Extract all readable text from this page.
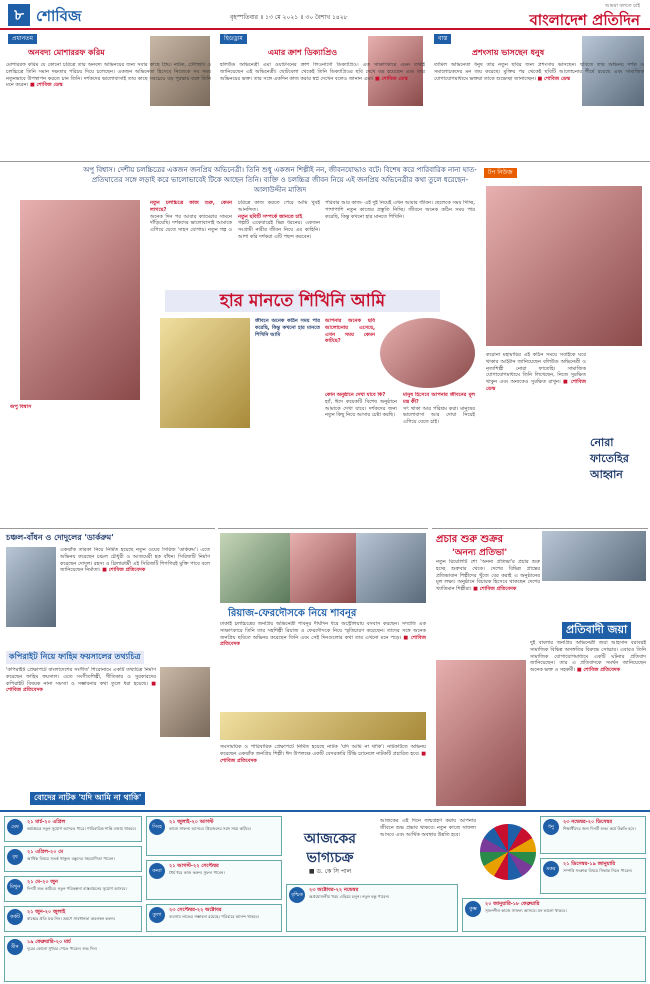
৮ শোবিজ	বৃহস্পতিবার ॥ ১৩ মে ২০২১ ॥ ৩০ বৈশাখ ১৪২৮
আমরা বলতে চাই
বাংলাদেশ প্রতিদিন
প্রধানতম
অনবদ্য মোশাররফ করিম
মোশাররফ করিম যে কোনো চরিত্রে তার অনবদ্য অভিনয়ের জন্য সবার কাছে প্রিয়। নাটক, টেলিছবি ও চলচ্চিত্রে তিনি সমান দক্ষতার পরিচয় দিয়ে চলেছেন। একজন অভিনেতা হিসেবে নিজেকে সব সময় নতুনভাবে উপস্থাপন করতে চান তিনি। দর্শকদের ভালোবাসাই তার কাছে সবচেয়ে বড় পুরস্কার বলে তিনি মনে করেন। ■ শোবিজ ডেস্ক
হিডড্রাম
এমার ক্রাশ ডিক্যাপ্রিও
হলিউড অভিনেত্রী এমা ওয়াটসনের ক্রাশ লিওনার্দো ডিক্যাপ্রিও। এক সাক্ষাৎকারে এমন তথ্যই জানিয়েছেন এই অভিনেত্রী। ছোটবেলা থেকেই তিনি ডিক্যাপ্রিওর ছবি দেখে বড় হয়েছেন এবং তার অভিনয়ের ভক্ত। তার সঙ্গে একদিন কাজ করার স্বপ্ন দেখেন বলেও জানান এমা। ■ শোবিজ ডেস্ক
বাস্ত
প্রশংসায় ভাসছেন ধনুষ
তামিল অভিনেতা ধনুষ তার নতুন ছবির জন্য প্রশংসায় ভাসছেন। ছবিতে তার অভিনয় দর্শক ও সমালোচকদের মন জয় করেছে। মুক্তির পর থেকেই ছবিটি আলোচনার শীর্ষে রয়েছে এবং সামাজিক যোগাযোগমাধ্যমে ভক্তরা তাকে শুভেচ্ছা জানাচ্ছেন। ■ শোবিজ ডেস্ক
অপু বিশ্বাস। দেশীয় চলচ্চিত্রের একজন জনপ্রিয় অভিনেত্রী। তিনি শুধু একজন শিল্পীই নন, জীবনযোদ্ধাও বটে। বিশেষ করে পারিবারিক নানা ঘাত-প্রতিঘাতের সঙ্গে লড়াই করে ভালোভাবেই টিকে আছেন তিনি। ব্যক্তি ও চলচ্চিত্র জীবন নিয়ে এই জনপ্রিয় অভিনেত্রীর কথা তুলে ধরেছেন- আলাউদ্দীন মাজিদ
অপু বিশ্বাস

নতুন চলচ্চিত্রে কাজ শুরু, কেমন লাগছে?

অনেক দিন পর আবার ক্যামেরার সামনে দাঁড়িয়েছি। দর্শকদের ভালোবাসাই আমাকে এগিয়ে যেতে সাহস যোগায়। নতুন গল্প ও চরিত্রে কাজ করতে পেরে আমি খুবই আনন্দিত।

নতুন ছবিটি সম্পর্কে জানতে চাই

গল্পটি একেবারেই ভিন্ন ধরনের। একজন সংগ্রামী নারীর জীবন নিয়ে এর কাহিনি। আশা করি দর্শকরা এটি পছন্দ করবেন।

পরিবার আর কাজ- এই দুই নিয়েই এখন আমার জীবন। ছেলেকে সময় দিচ্ছি, পাশাপাশি নতুন কাজের প্রস্তুতি নিচ্ছি। জীবনে অনেক কঠিন সময় পার করেছি, কিন্তু কখনো হার মানতে শিখিনি।

হার মানতে শিখিনি আমি
জীবনে অনেক কঠিন সময় পার করেছি, কিন্তু কখনো হার মানতে শিখিনি আমি

আপনার অনেক ছবি আলোচনায় এসেছে, এখন সময় কেমন কাটছে?

কোন অনুষ্ঠানে দেখা যাবে কি?

হ্যাঁ, ঈদে কয়েকটি বিশেষ অনুষ্ঠানে আমাকে দেখা যাবে। দর্শকদের জন্য নতুন কিছু নিয়ে আসার চেষ্টা করছি।

মানুষ হিসেবে আপনার জীবনের মূল মন্ত্র কী?

সৎ থাকা আর পরিশ্রম করা। মানুষের ভালোবাসা আর দোয়া নিয়েই এগিয়ে যেতে চাই।

টপ নিউজ
করোনা মহামারির এই কঠিন সময়ে সবাইকে ঘরে থাকার আহ্বান জানিয়েছেন বলিউড অভিনেত্রী ও নৃত্যশিল্পী নোরা ফাতেহি। সামাজিক যোগাযোগমাধ্যমে তিনি লিখেছেন, নিজে সুরক্ষিত থাকুন এবং অন্যকেও সুরক্ষিত রাখুন। ■ শোবিজ ডেস্ক
নোরা
ফাতেহির
আহ্বান
চঞ্চল-বাঁধন ও দোদুলের 'ডার্করুম'
একঝাঁক তারকা নিয়ে নির্মিত হয়েছে নতুন ওয়েব সিরিজ 'ডার্করুম'। এতে অভিনয় করেছেন চঞ্চল চৌধুরী ও আজমেরী হক বাঁধন। সিরিজটি নির্মাণ করেছেন দোদুল। রহস্য ও থ্রিলারধর্মী এই সিরিজটি শিগগিরই মুক্তি পাবে বলে জানিয়েছেন নির্মাতা। ■ শোবিজ প্রতিবেদক
কপিরাইট নিয়ে ফাহিম ফয়সালের তথ্যচিত্র
'কপিরাইট প্রেক্ষাপটে বাংলাদেশের সংগীত' শিরোনামে একটি তথ্যচিত্র নির্মাণ করেছেন ফাহিম ফয়সাল। এতে সংগীতশিল্পী, গীতিকার ও সুরকারদের কপিরাইট বিষয়ক নানা সমস্যা ও সম্ভাবনার কথা তুলে ধরা হয়েছে। ■ শোবিজ প্রতিবেদক
রিয়াজ-ফেরদৌসকে নিয়ে শাবনূর
ঢাকাই চলচ্চিত্রের জনপ্রিয় অভিনেত্রী শাবনূর দীর্ঘদিন ধরে অস্ট্রেলিয়ায় বসবাস করছেন। সম্প্রতি এক সাক্ষাৎকারে তিনি তার সহশিল্পী রিয়াজ ও ফেরদৌসকে নিয়ে স্মৃতিচারণ করেছেন। তাদের সঙ্গে অনেক জনপ্রিয় ছবিতে অভিনয় করেছেন তিনি এবং সেই দিনগুলোর কথা তার এখনো মনে পড়ে। ■ শোবিজ প্রতিবেদক
সমসাময়িক ও পারিবারিক প্রেক্ষাপটে নির্মিত হয়েছে নাটক 'যদি আমি না থাকি'। নাটকটিতে অভিনয় করেছেন একঝাঁক জনপ্রিয় শিল্পী। ঈদ উপলক্ষে একটি বেসরকারি টিভি চ্যানেলে নাটকটি প্রচারিত হবে। ■ শোবিজ প্রতিবেদক
বোদের নাটক 'যদি আমি না থাকি'
প্রচার শুরু শুক্রর
'অনন্য প্রতিভা'
নতুন রিয়েলিটি শো 'অনন্য প্রতিভা'র প্রচার শুরু হচ্ছে শুক্রবার থেকে। দেশের বিভিন্ন প্রান্তের প্রতিভাবান শিল্পীদের খুঁজে বের করাই এ অনুষ্ঠানের মূল লক্ষ্য। অনুষ্ঠানে বিচারক হিসেবে থাকছেন দেশের খ্যাতিমান শিল্পীরা। ■ শোবিজ প্রতিবেদক
প্রতিবাদী জয়া
দুই বাংলার জনপ্রিয় অভিনেত্রী জয়া আহসান বরাবরই সামাজিক বিভিন্ন অসঙ্গতির বিরুদ্ধে সোচ্চার। এবারও তিনি সামাজিক যোগাযোগমাধ্যমে একটি ঘটনার প্রতিবাদ জানিয়েছেন। তার এ প্রতিবাদকে সমর্থন জানিয়েছেন অনেক ভক্ত ও সহকর্মী। ■ শোবিজ প্রতিবেদক
আজকের ভাগ্যচক্র
■ ড. কে সি পাল
আজকের এই দিনে জন্মগ্রহণ করায় আপনার জীবনে শুভ প্রভাব থাকবে। নতুন কাজে সাফল্য আসবে এবং আর্থিক অবস্থার উন্নতি হবে।
মেষ
২১ মার্চ-২০ এপ্রিল
কর্মক্ষেত্রে নতুন সুযোগ আসতে পারে। পারিবারিক শান্তি বজায় থাকবে।
বৃষ
২১ এপ্রিল-২০ মে
আর্থিক বিষয়ে সতর্ক থাকুন। বন্ধুদের সহযোগিতা পাবেন।
মিথুন
২১ মে-২০ জুন
দিনটি শুভ কাটবে। নতুন পরিকল্পনা বাস্তবায়নের সুযোগ আসবে।
কর্কট
২১ জুন-২০ জুলাই
স্বাস্থ্যের প্রতি যত্ন নিন। ভ্রমণে সাবধানতা অবলম্বন করুন।
সিংহ
২১ জুলাই-২০ আগস্ট
কাজে সাফল্য আসবে। প্রিয়জনের সঙ্গে সময় কাটবে।
কন্যা
২১ আগস্ট-২২ সেপ্টেম্বর
ধৈর্য ধরে কাজ করুন। সুফল পাবেন।
তুলা
২৩ সেপ্টেম্বর-২২ অক্টোবর
ব্যবসায় লাভের সম্ভাবনা রয়েছে। পরিবারে আনন্দ থাকবে।
বৃশ্চিক
২৩ অক্টোবর-২২ নভেম্বর
অপ্রয়োজনীয় খরচ এড়িয়ে চলুন। নতুন বন্ধু পাবেন।
ধনু
২৩ নভেম্বর-২০ ডিসেম্বর
শিক্ষার্থীদের জন্য দিনটি শুভ। কর্মে উন্নতি হবে।
মকর
২১ ডিসেম্বর-১৯ জানুয়ারি
সম্পত্তি সংক্রান্ত বিষয়ে সিদ্ধান্ত নিতে পারেন।
কুম্ভ
২০ জানুয়ারি-১৮ ফেব্রুয়ারি
সৃজনশীল কাজে সাফল্য আসবে। মন ভালো থাকবে।
মীন
১৯ ফেব্রুয়ারি-২০ মার্চ
দূরের কোনো সুখবর পেতে পারেন। শুভ দিন।
